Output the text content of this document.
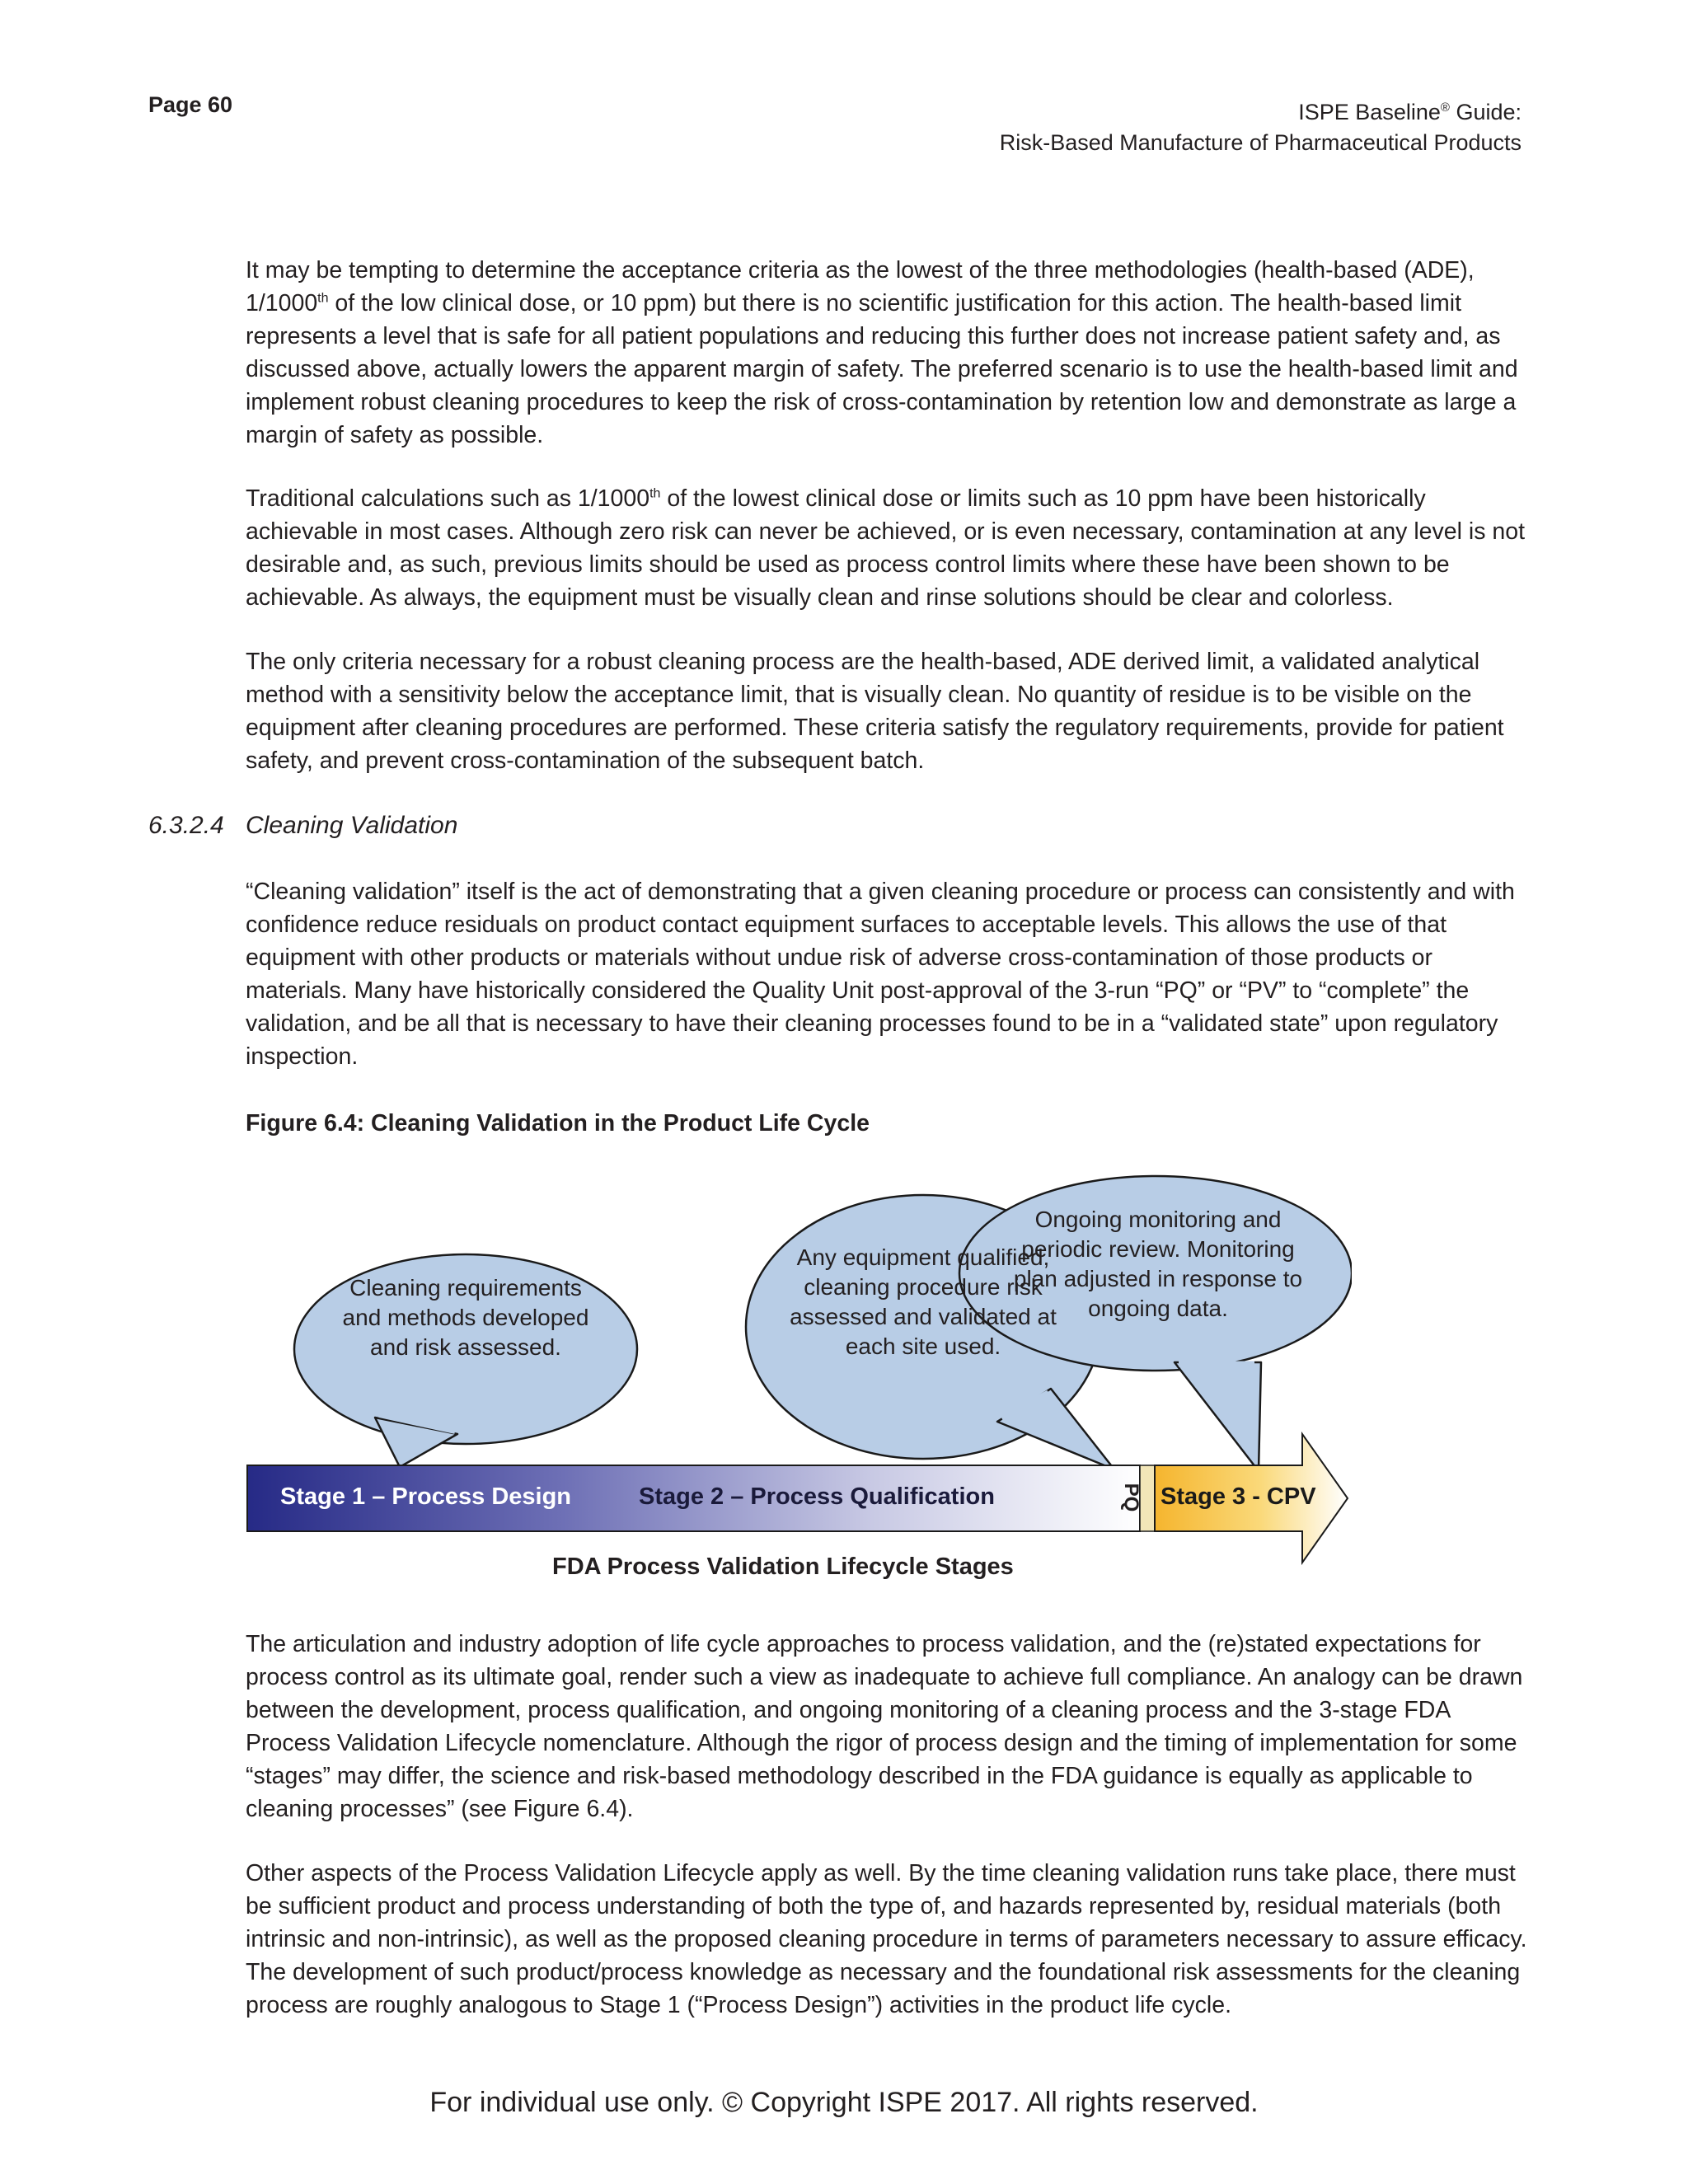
Page 60	ISPE Baseline® Guide:
Risk-Based Manufacture of Pharmaceutical Products

It may be tempting to determine the acceptance criteria as the lowest of the three methodologies (health-based (ADE), 1/1000th of the low clinical dose, or 10 ppm) but there is no scientific justification for this action. The health-based limit represents a level that is safe for all patient populations and reducing this further does not increase patient safety and, as discussed above, actually lowers the apparent margin of safety. The preferred scenario is to use the health-based limit and implement robust cleaning procedures to keep the risk of cross-contamination by retention low and demonstrate as large a margin of safety as possible.

Traditional calculations such as 1/1000th of the lowest clinical dose or limits such as 10 ppm have been historically achievable in most cases. Although zero risk can never be achieved, or is even necessary, contamination at any level is not desirable and, as such, previous limits should be used as process control limits where these have been shown to be achievable. As always, the equipment must be visually clean and rinse solutions should be clear and colorless.

The only criteria necessary for a robust cleaning process are the health-based, ADE derived limit, a validated analytical method with a sensitivity below the acceptance limit, that is visually clean. No quantity of residue is to be visible on the equipment after cleaning procedures are performed. These criteria satisfy the regulatory requirements, provide for patient safety, and prevent cross-contamination of the subsequent batch.

6.3.2.4 Cleaning Validation

“Cleaning validation” itself is the act of demonstrating that a given cleaning procedure or process can consistently and with confidence reduce residuals on product contact equipment surfaces to acceptable levels. This allows the use of that equipment with other products or materials without undue risk of adverse cross-contamination of those products or materials. Many have historically considered the Quality Unit post-approval of the 3-run “PQ” or “PV” to “complete” the validation, and be all that is necessary to have their cleaning processes found to be in a “validated state” upon regulatory inspection.

Figure 6.4: Cleaning Validation in the Product Life Cycle
Cleaning requirements and methods developed and risk assessed.
Any equipment qualified, cleaning procedure risk assessed and validated at each site used.
Ongoing monitoring and periodic review. Monitoring plan adjusted in response to ongoing data.
Stage 1 – Process Design	Stage 2 – Process Qualification	PQ Stage 3 - CPV
FDA Process Validation Lifecycle Stages

The articulation and industry adoption of life cycle approaches to process validation, and the (re)stated expectations for process control as its ultimate goal, render such a view as inadequate to achieve full compliance. An analogy can be drawn between the development, process qualification, and ongoing monitoring of a cleaning process and the 3-stage FDA Process Validation Lifecycle nomenclature. Although the rigor of process design and the timing of implementation for some “stages” may differ, the science and risk-based methodology described in the FDA guidance is equally as applicable to cleaning processes” (see Figure 6.4).

Other aspects of the Process Validation Lifecycle apply as well. By the time cleaning validation runs take place, there must be sufficient product and process understanding of both the type of, and hazards represented by, residual materials (both intrinsic and non-intrinsic), as well as the proposed cleaning procedure in terms of parameters necessary to assure efficacy. The development of such product/process knowledge as necessary and the foundational risk assessments for the cleaning process are roughly analogous to Stage 1 (“Process Design”) activities in the product life cycle.

For individual use only. © Copyright ISPE 2017. All rights reserved.
